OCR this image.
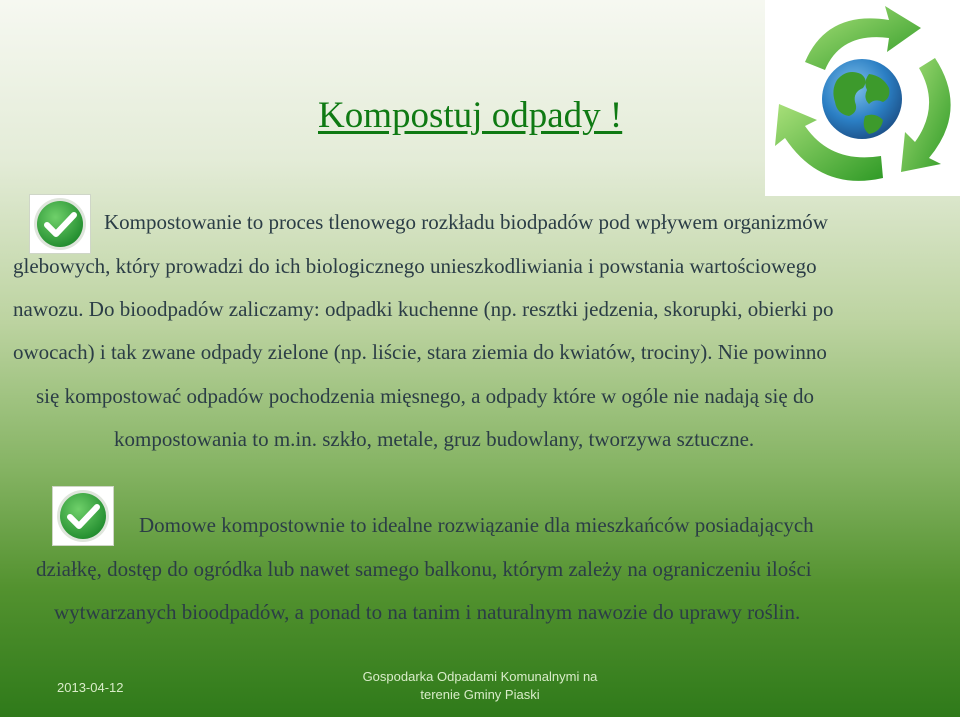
Kompostuj odpady !
Kompostowanie to proces tlenowego rozkładu biodpadów pod wpływem organizmów
glebowych, który prowadzi do ich biologicznego unieszkodliwiania i powstania wartościowego
nawozu. Do bioodpadów zaliczamy: odpadki kuchenne (np. resztki jedzenia, skorupki, obierki po
owocach) i tak zwane odpady zielone (np. liście, stara ziemia do kwiatów, trociny). Nie powinno
się kompostować odpadów pochodzenia mięsnego, a odpady które w ogóle nie nadają się do
kompostowania to m.in. szkło, metale, gruz budowlany, tworzywa sztuczne.
Domowe kompostownie to idealne rozwiązanie dla mieszkańców posiadających
działkę, dostęp do ogródka lub nawet samego balkonu, którym zależy na ograniczeniu ilości
wytwarzanych bioodpadów, a ponad to na tanim i naturalnym nawozie do uprawy roślin.
2013-04-12
Gospodarka Odpadami Komunalnymi na
terenie Gminy Piaski
